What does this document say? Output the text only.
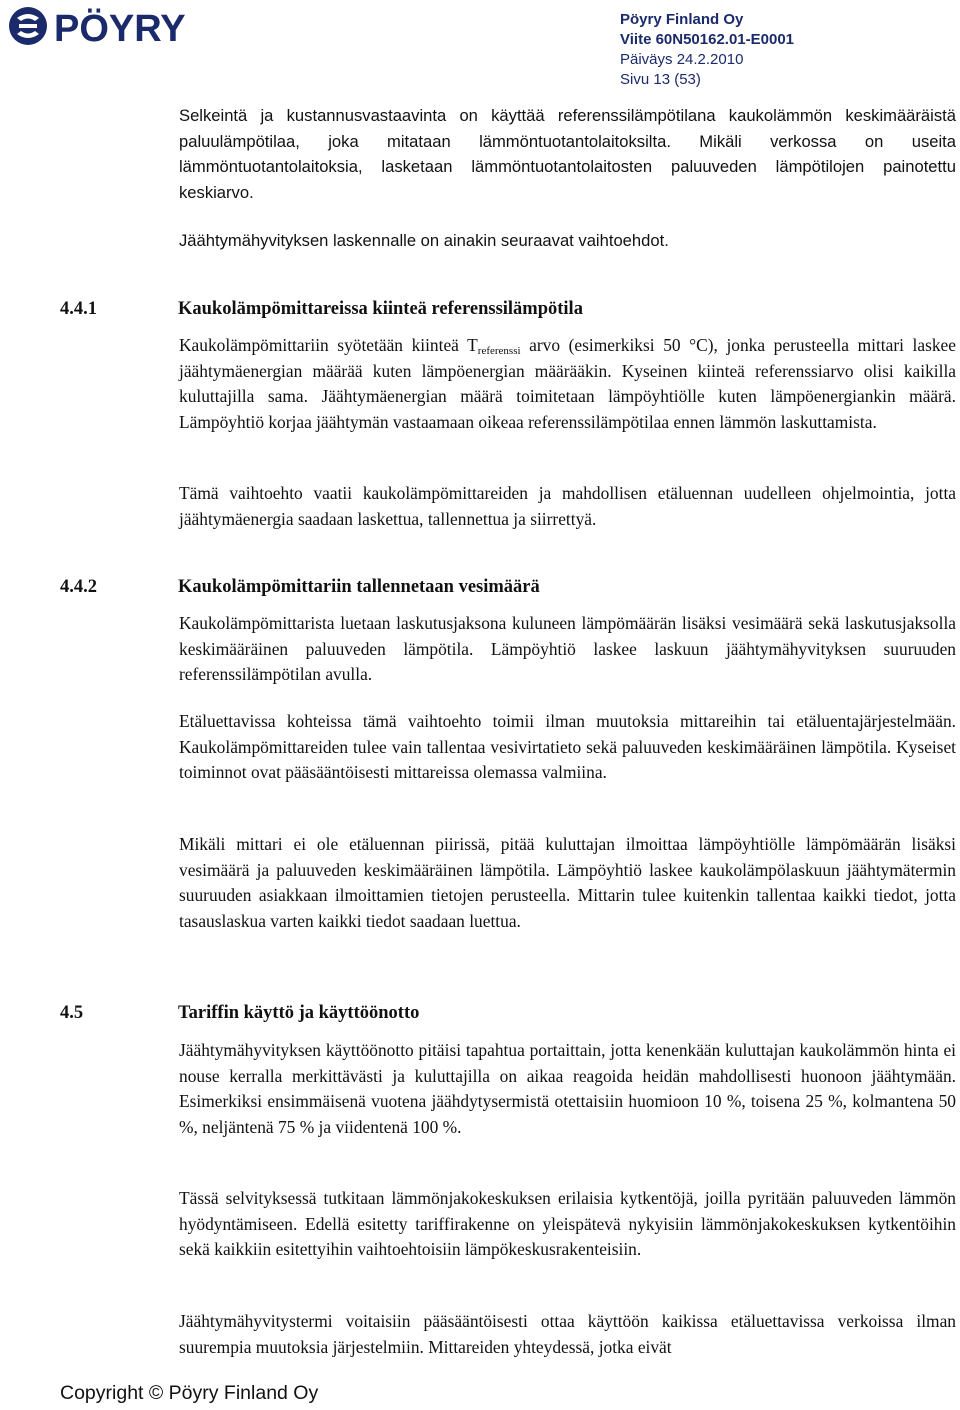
PÖYRY	Pöyry Finland Oy
Viite 60N50162.01-E0001
Päiväys 24.2.2010
Sivu 13 (53)

Selkeintä ja kustannusvastaavinta on käyttää referenssilämpötilana kaukolämmön keskimääräistä paluulämpötilaa, joka mitataan lämmöntuotantolaitoksilta. Mikäli verkossa on useita lämmöntuotantolaitoksia, lasketaan lämmöntuotantolaitosten paluuveden lämpötilojen painotettu keskiarvo.

Jäähtymähyvityksen laskennalle on ainakin seuraavat vaihtoehdot.

4.4.1	Kaukolämpömittareissa kiinteä referenssilämpötila

Kaukolämpömittariin syötetään kiinteä $T_{referenssi}$ arvo (esimerkiksi 50 °C), jonka perusteella mittari laskee jäähtymäenergian määrää kuten lämpöenergian määrääkin. Kyseinen kiinteä referenssiarvo olisi kaikilla kuluttajilla sama. Jäähtymäenergian määrä toimitetaan lämpöyhtiölle kuten lämpöenergiankin määrä. Lämpöyhtiö korjaa jäähtymän vastaamaan oikeaa referenssilämpötilaa ennen lämmön laskuttamista.

Tämä vaihtoehto vaatii kaukolämpömittareiden ja mahdollisen etäluennan uudelleen ohjelmointia, jotta jäähtymäenergia saadaan laskettua, tallennettua ja siirrettyä.

4.4.2	Kaukolämpömittariin tallennetaan vesimäärä

Kaukolämpömittarista luetaan laskutusjaksona kuluneen lämpömäärän lisäksi vesimäärä sekä laskutusjaksolla keskimääräinen paluuveden lämpötila. Lämpöyhtiö laskee laskuun jäähtymähyvityksen suuruuden referenssilämpötilan avulla.

Etäluettavissa kohteissa tämä vaihtoehto toimii ilman muutoksia mittareihin tai etäluentajärjestelmään. Kaukolämpömittareiden tulee vain tallentaa vesivirtatieto sekä paluuveden keskimääräinen lämpötila. Kyseiset toiminnot ovat pääsääntöisesti mittareissa olemassa valmiina.

Mikäli mittari ei ole etäluennan piirissä, pitää kuluttajan ilmoittaa lämpöyhtiölle lämpömäärän lisäksi vesimäärä ja paluuveden keskimääräinen lämpötila. Lämpöyhtiö laskee kaukolämpölaskuun jäähtymätermin suuruuden asiakkaan ilmoittamien tietojen perusteella. Mittarin tulee kuitenkin tallentaa kaikki tiedot, jotta tasauslaskua varten kaikki tiedot saadaan luettua.

4.5	Tariffin käyttö ja käyttöönotto

Jäähtymähyvityksen käyttöönotto pitäisi tapahtua portaittain, jotta kenenkään kuluttajan kaukolämmön hinta ei nouse kerralla merkittävästi ja kuluttajilla on aikaa reagoida heidän mahdollisesti huonoon jäähtymään. Esimerkiksi ensimmäisenä vuotena jäähdytysermistä otettaisiin huomioon 10 %, toisena 25 %, kolmantena 50 %, neljäntenä 75 % ja viidentenä 100 %.

Tässä selvityksessä tutkitaan lämmönjakokeskuksen erilaisia kytkentöjä, joilla pyritään paluuveden lämmön hyödyntämiseen. Edellä esitetty tariffirakenne on yleispätevä nykyisiin lämmönjakokeskuksen kytkentöihin sekä kaikkiin esitettyihin vaihtoehtoisiin lämpökeskusrakenteisiin.

Jäähtymähyvitystermi voitaisiin pääsääntöisesti ottaa käyttöön kaikissa etäluettavissa verkoissa ilman suurempia muutoksia järjestelmiin. Mittareiden yhteydessä, jotka eivät

Copyright © Pöyry Finland Oy
